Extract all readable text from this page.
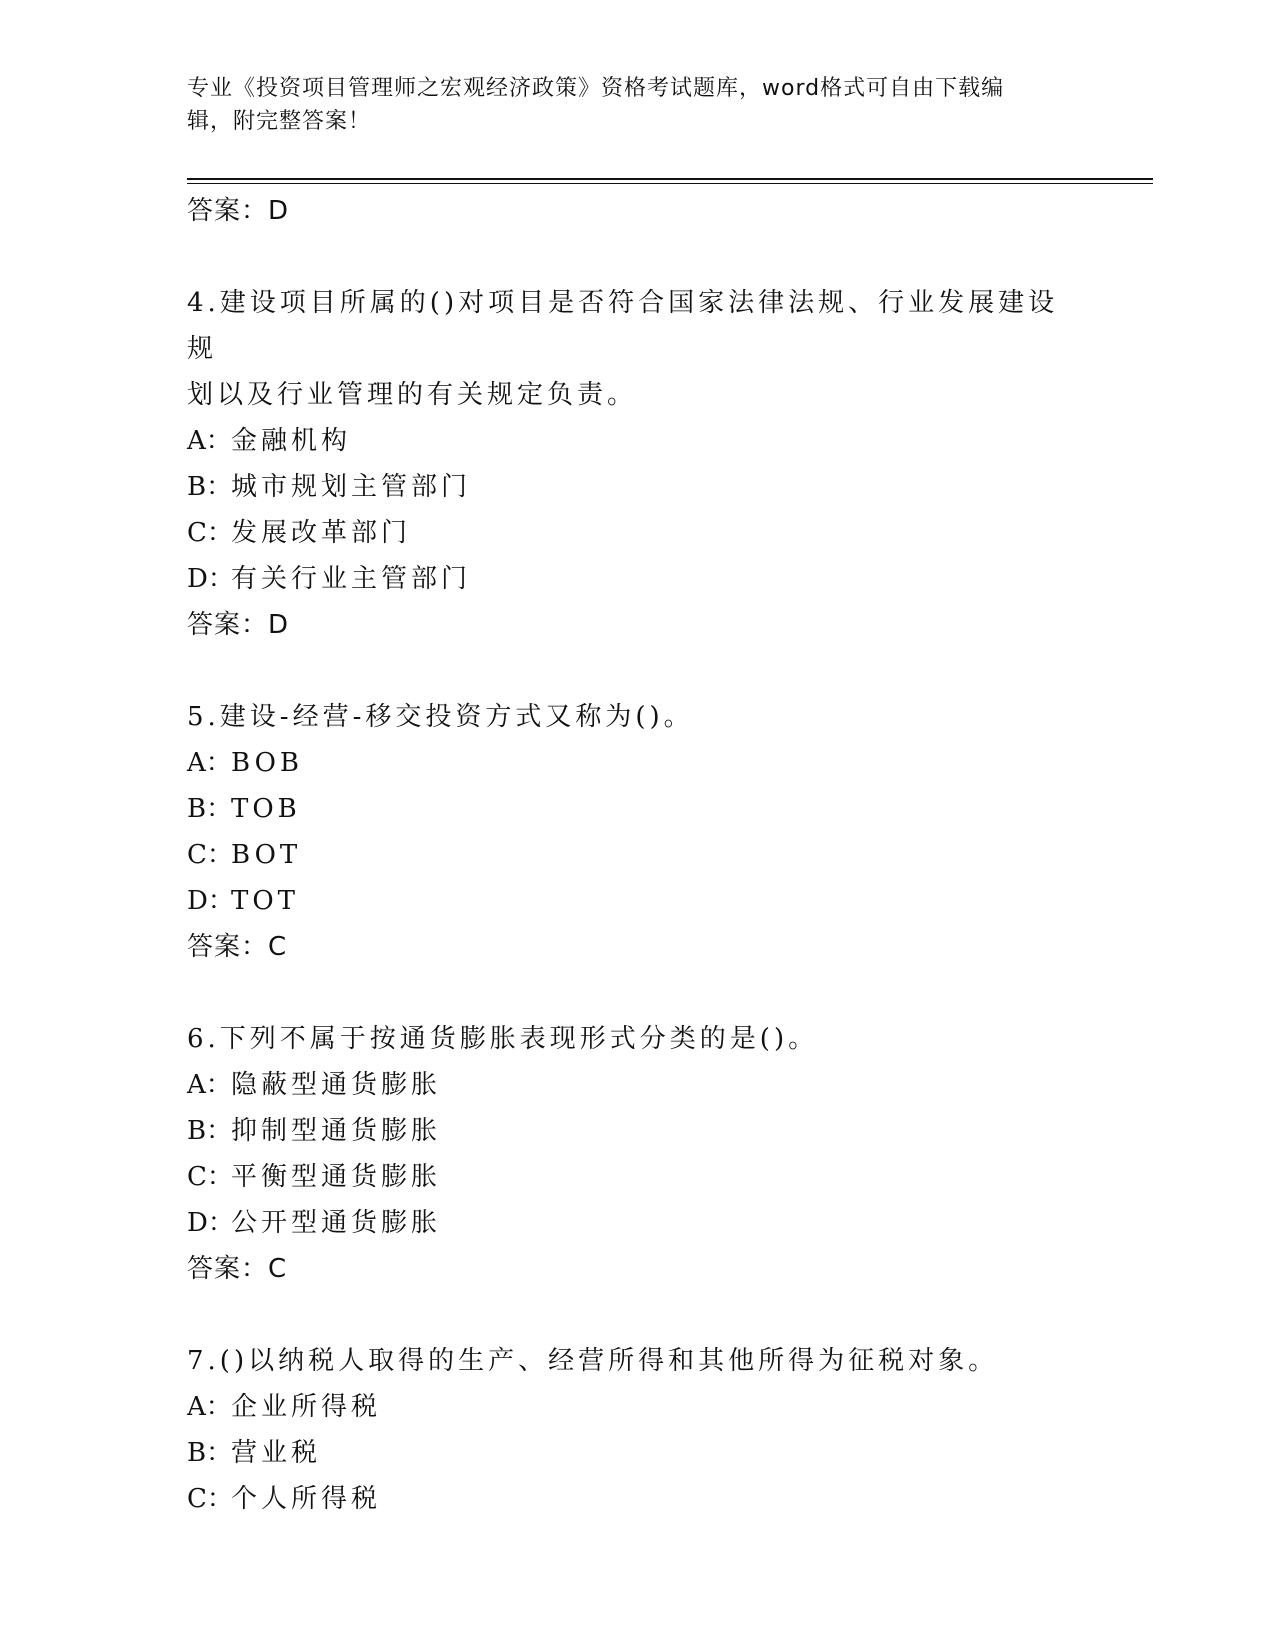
专业《投资项目管理师之宏观经济政策》资格考试题库，word格式可自由下载编
辑，附完整答案！
答案：D
4.建设项目所属的()对项目是否符合国家法律法规、行业发展建设规
划以及行业管理的有关规定负责。
A：金融机构
B：城市规划主管部门
C：发展改革部门
D：有关行业主管部门
答案：D
5.建设-经营-移交投资方式又称为()。
A：BOB
B：TOB
C：BOT
D：TOT
答案：C
6.下列不属于按通货膨胀表现形式分类的是()。
A：隐蔽型通货膨胀
B：抑制型通货膨胀
C：平衡型通货膨胀
D：公开型通货膨胀
答案：C
7.()以纳税人取得的生产、经营所得和其他所得为征税对象。
A：企业所得税
B：营业税
C：个人所得税
